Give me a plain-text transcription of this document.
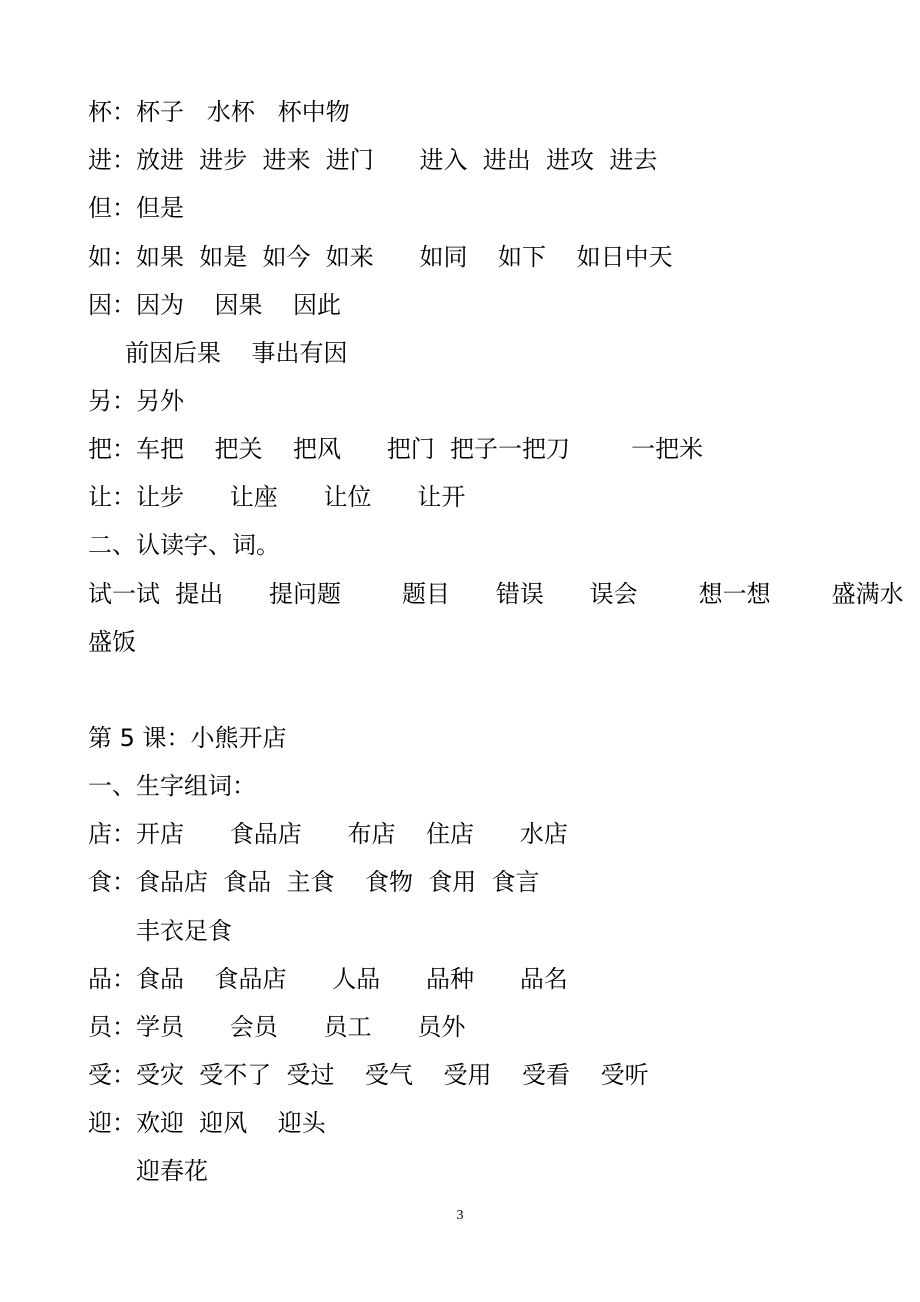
杯：杯子   水杯   杯中物
进：放进  进步  进来  进门      进入  进出  进攻  进去
但：但是
如：如果  如是  如今  如来      如同    如下    如日中天
因：因为    因果    因此
前因后果    事出有因
另：另外
把：车把    把关    把风      把门  把子一把刀        一把米
让：让步      让座      让位      让开
二、认读字、词。
试一试  提出      提问题        题目      错误      误会        想一想        盛满水
盛饭
第 5 课：小熊开店
一、生字组词：
店：开店      食品店      布店    住店      水店
食：食品店  食品  主食    食物  食用  食言
丰衣足食
品：食品    食品店      人品      品种      品名
员：学员      会员      员工      员外
受：受灾  受不了  受过    受气    受用    受看    受听
迎：欢迎  迎风    迎头
迎春花
3
